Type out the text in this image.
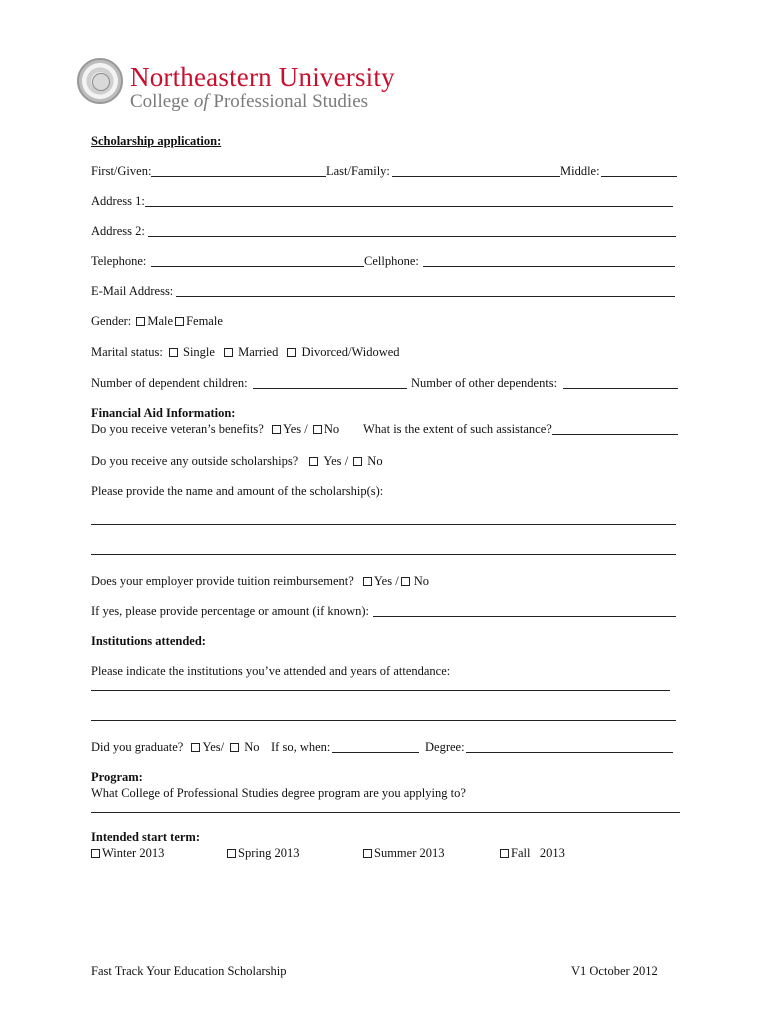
Northeastern University
College of Professional Studies
Scholarship application:
First/Given:	Last/Family:	Middle:
Address 1:
Address 2:
Telephone:	Cellphone:
E-Mail Address:
Gender: Male Female
Marital status: Single Married Divorced/Widowed
Number of dependent children:	Number of other dependents:
Financial Aid Information:
Do you receive veteran’s benefits? Yes / No What is the extent of such assistance?
Do you receive any outside scholarships? Yes / No
Please provide the name and amount of the scholarship(s):
Does your employer provide tuition reimbursement? Yes / No
If yes, please provide percentage or amount (if known):
Institutions attended:
Please indicate the institutions you’ve attended and years of attendance:
Did you graduate? Yes/ No If so, when:	Degree:
Program:
What College of Professional Studies degree program are you applying to?
Intended start term:
Winter 2013	Spring 2013	Summer 2013	Fall   2013
Fast Track Your Education Scholarship	V1 October 2012
